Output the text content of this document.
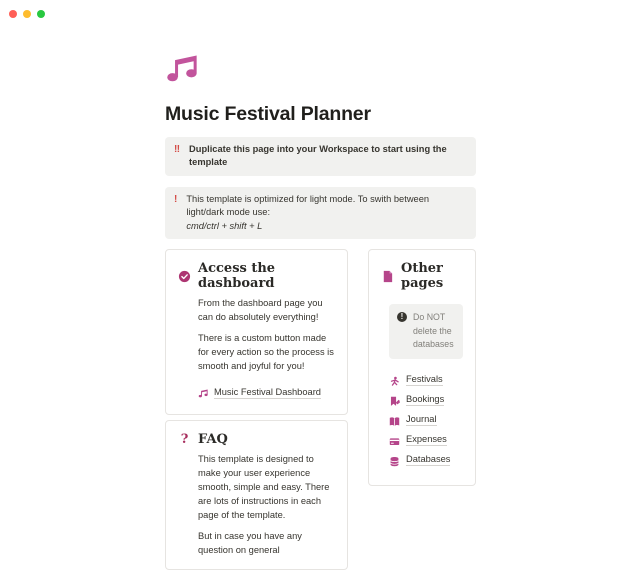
Music Festival Planner
‼ Duplicate this page into your Workspace to start using the template
! This template is optimized for light mode. To swith between light/dark mode use:
cmd/ctrl + shift + L
Access the dashboard

From the dashboard page you can do absolutely everything!

There is a custom button made for every action so the process is smooth and joyful for you!

Music Festival Dashboard
? FAQ

This template is designed to make your user experience smooth, simple and easy. There are lots of instructions in each page of the template.

But in case you have any question on general

Other pages
!	Do NOT delete the databases
Festivals
Bookings
Journal
Expenses
Databases
